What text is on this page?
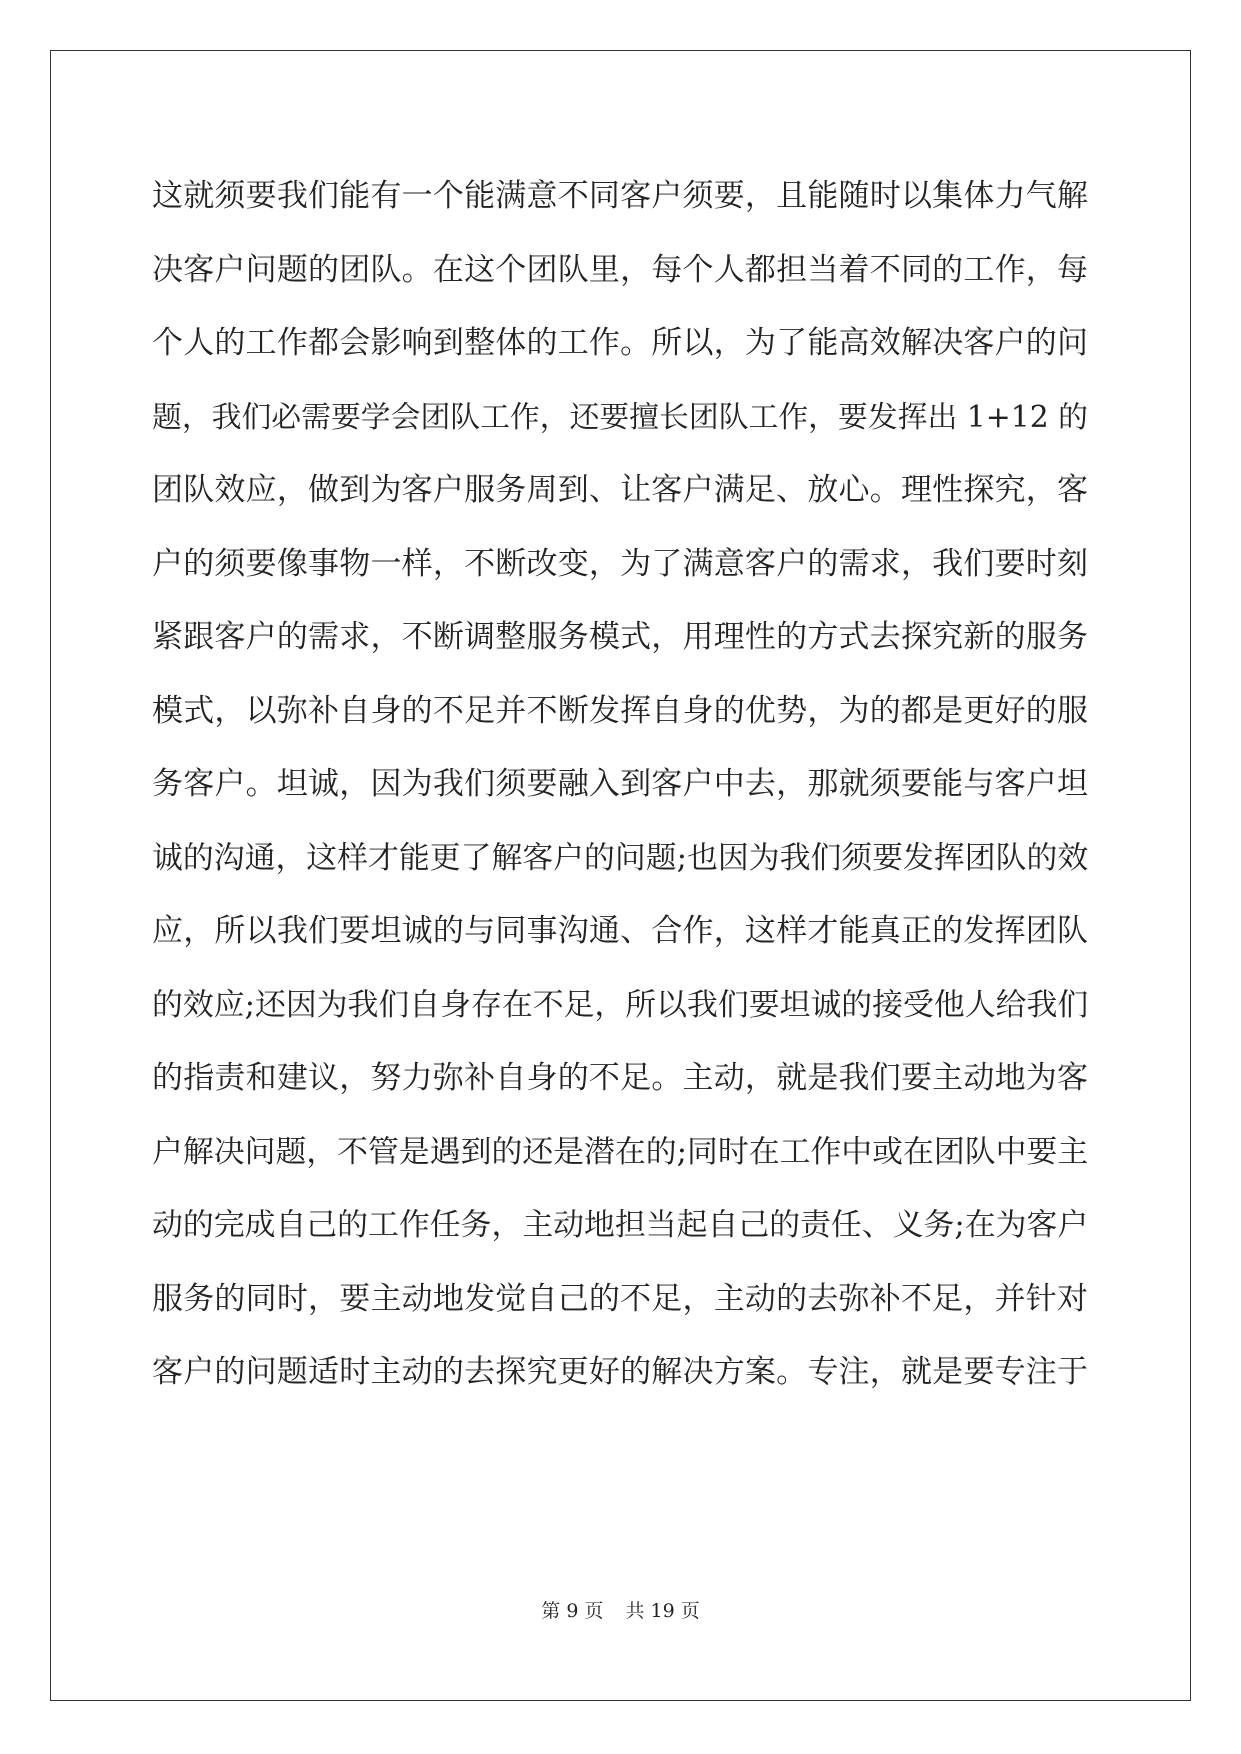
这就须要我们能有一个能满意不同客户须要，且能随时以集体力气解
决客户问题的团队。在这个团队里，每个人都担当着不同的工作，每
个人的工作都会影响到整体的工作。所以，为了能高效解决客户的问
题，我们必需要学会团队工作，还要擅长团队工作，要发挥出 1+12 的
团队效应，做到为客户服务周到、让客户满足、放心。理性探究，客
户的须要像事物一样，不断改变，为了满意客户的需求，我们要时刻
紧跟客户的需求，不断调整服务模式，用理性的方式去探究新的服务
模式，以弥补自身的不足并不断发挥自身的优势，为的都是更好的服
务客户。坦诚，因为我们须要融入到客户中去，那就须要能与客户坦
诚的沟通，这样才能更了解客户的问题;也因为我们须要发挥团队的效
应，所以我们要坦诚的与同事沟通、合作，这样才能真正的发挥团队
的效应;还因为我们自身存在不足，所以我们要坦诚的接受他人给我们
的指责和建议，努力弥补自身的不足。主动，就是我们要主动地为客
户解决问题，不管是遇到的还是潜在的;同时在工作中或在团队中要主
动的完成自己的工作任务，主动地担当起自己的责任、义务;在为客户
服务的同时，要主动地发觉自己的不足，主动的去弥补不足，并针对
客户的问题适时主动的去探究更好的解决方案。专注，就是要专注于
第 9 页 共 19 页
